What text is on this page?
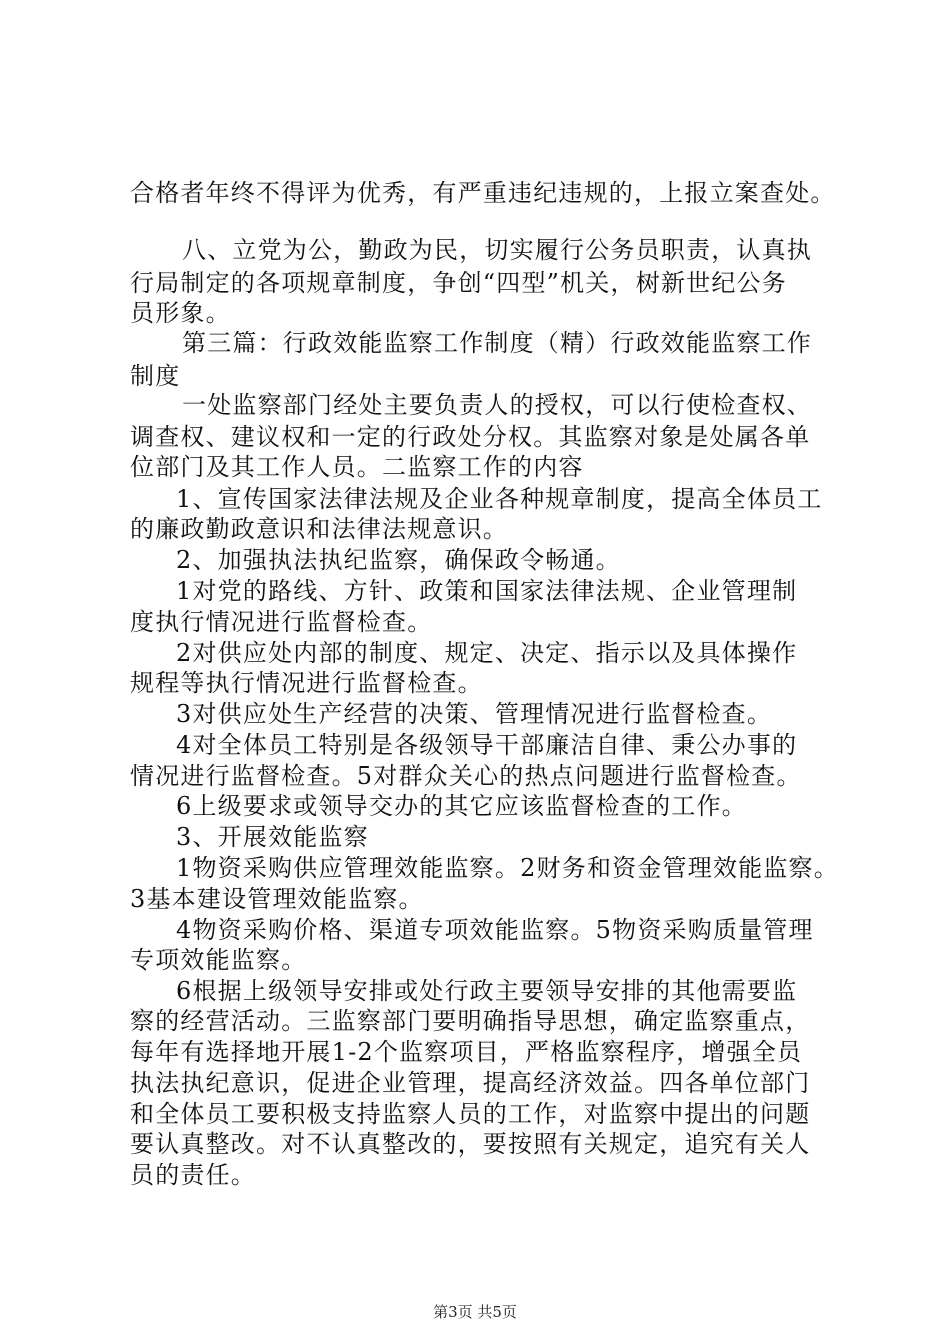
合格者年终不得评为优秀，有严重违纪违规的，上报立案查处。
八、立党为公，勤政为民，切实履行公务员职责，认真执
行局制定的各项规章制度，争创“四型”机关，树新世纪公务
员形象。
第三篇：行政效能监察工作制度（精）行政效能监察工作
制度
一处监察部门经处主要负责人的授权，可以行使检查权、
调查权、建议权和一定的行政处分权。其监察对象是处属各单
位部门及其工作人员。二监察工作的内容
1、宣传国家法律法规及企业各种规章制度，提高全体员工
的廉政勤政意识和法律法规意识。
2、加强执法执纪监察，确保政令畅通。
1对党的路线、方针、政策和国家法律法规、企业管理制
度执行情况进行监督检查。
2对供应处内部的制度、规定、决定、指示以及具体操作
规程等执行情况进行监督检查。
3对供应处生产经营的决策、管理情况进行监督检查。
4对全体员工特别是各级领导干部廉洁自律、秉公办事的
情况进行监督检查。5对群众关心的热点问题进行监督检查。
6上级要求或领导交办的其它应该监督检查的工作。
3、开展效能监察
1物资采购供应管理效能监察。2财务和资金管理效能监察。
3基本建设管理效能监察。
4物资采购价格、渠道专项效能监察。5物资采购质量管理
专项效能监察。
6根据上级领导安排或处行政主要领导安排的其他需要监
察的经营活动。三监察部门要明确指导思想，确定监察重点，
每年有选择地开展1-2个监察项目，严格监察程序，增强全员
执法执纪意识，促进企业管理，提高经济效益。四各单位部门
和全体员工要积极支持监察人员的工作，对监察中提出的问题
要认真整改。对不认真整改的，要按照有关规定，追究有关人
员的责任。
第3页 共5页
